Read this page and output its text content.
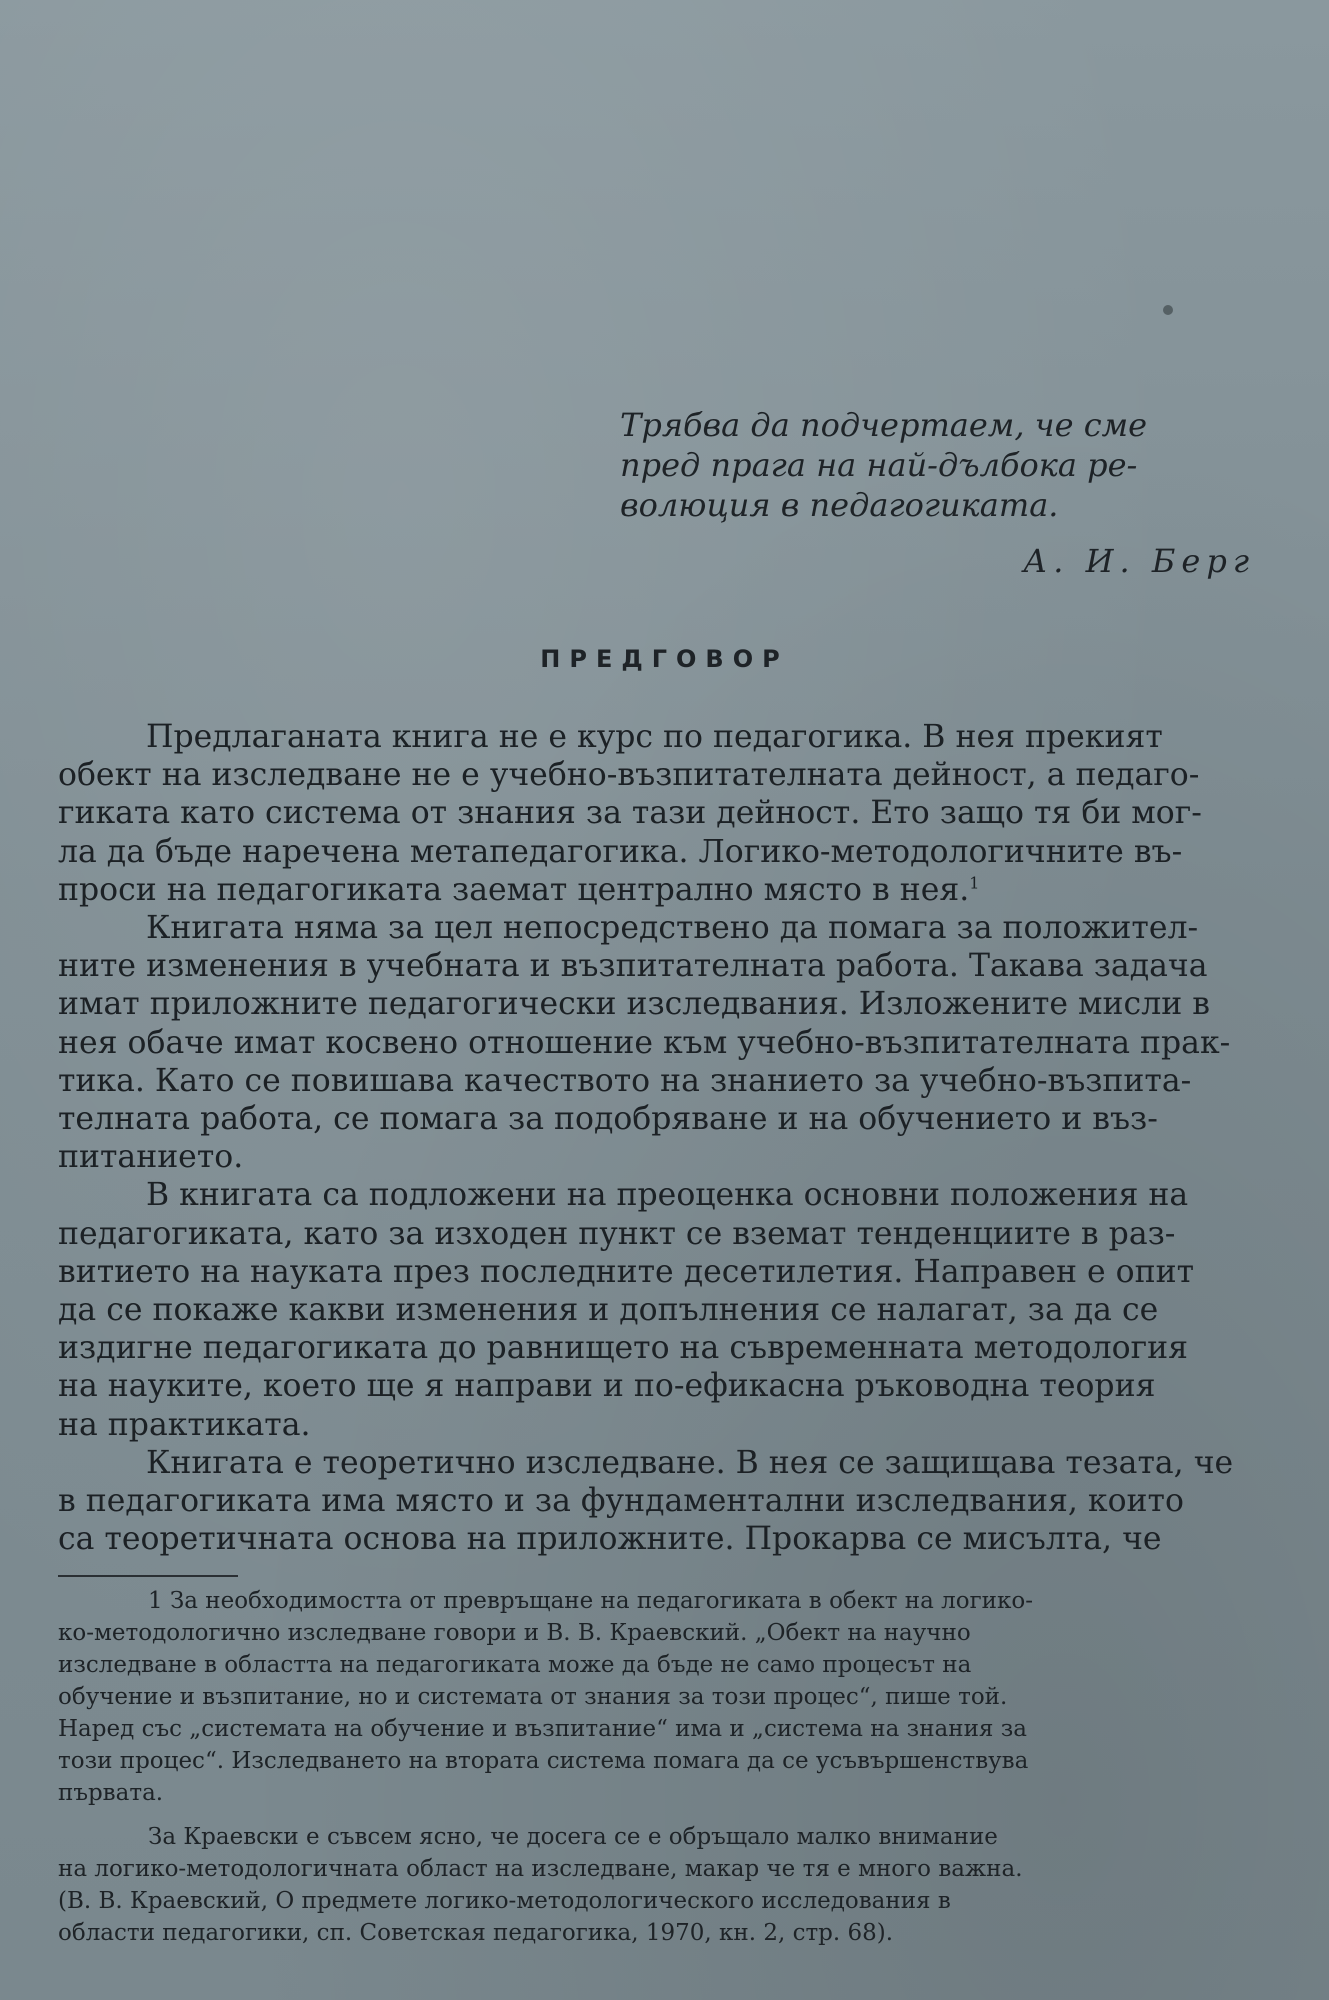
Трябва да подчертаем, че сме
пред прага на най-дълбока ре-
волюция в педагогиката.
А. И. Берг
ПРЕДГОВОР

Предлаганата книга не е курс по педагогика. В нея прекият
обект на изследване не е учебно-възпитателната дейност, а педаго-
гиката като система от знания за тази дейност. Ето защо тя би мог-
ла да бъде наречена метапедагогика. Логико-методологичните въ-
проси на педагогиката заемат централно място в нея.$^1$

Книгата няма за цел непосредствено да помага за положител-
ните изменения в учебната и възпитателната работа. Такава задача
имат приложните педагогически изследвания. Изложените мисли в
нея обаче имат косвено отношение към учебно-възпитателната прак-
тика. Като се повишава качеството на знанието за учебно-възпита-
телната работа, се помага за подобряване и на обучението и въз-
питанието.

В книгата са подложени на преоценка основни положения на
педагогиката, като за изходен пункт се вземат тенденциите в раз-
витието на науката през последните десетилетия. Направен е опит
да се покаже какви изменения и допълнения се налагат, за да се
издигне педагогиката до равнището на съвременната методология
на науките, което ще я направи и по-ефикасна ръководна теория
на практиката.

Книгата е теоретично изследване. В нея се защищава тезата, че
в педагогиката има място и за фундаментални изследвания, които
са теоретичната основа на приложните. Прокарва се мисълта, че

1 За необходимостта от превръщане на педагогиката в обект на логико-
ко-методологично изследване говори и В. В. Краевский. „Обект на научно
изследване в областта на педагогиката може да бъде не само процесът на
обучение и възпитание, но и системата от знания за този процес“, пише той.
Наред със „системата на обучение и възпитание“ има и „система на знания за
този процес“. Изследването на втората система помага да се усъвършенствува
първата.
За Краевски е съвсем ясно, че досега се е обръщало малко внимание
на логико-методологичната област на изследване, макар че тя е много важна.
(В. В. Краевский, О предмете логико-методологического исследования в
области педагогики, сп. Советская педагогика, 1970, кн. 2, стр. 68).
